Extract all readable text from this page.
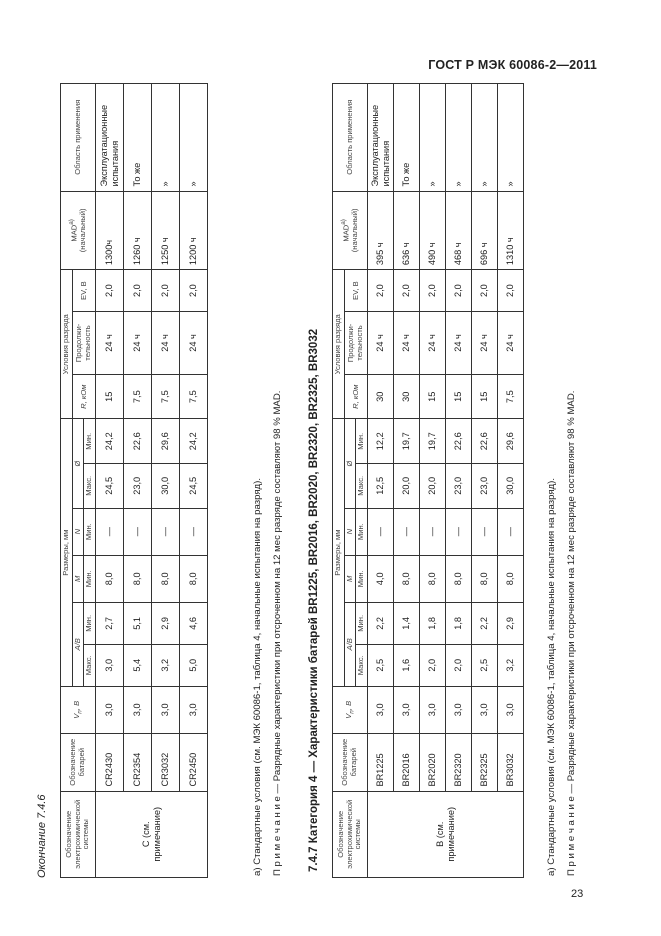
ГОСТ Р МЭК 60086-2—2011
Окончание 7.4.6 Обозначение электрохимической системы	Обозначение батарей	$V_n$, В	Размеры, мм						Условия разряда			MAD$^{a)}$ (начальный)	Область применения
			A/B		M	N	Ø		R, кОм	Продолжительность	EV, В		
			Макс.	Мин.	Мин.	Мин.	Макс.	Мин.					
C (см. примечание)	CR2430	3,0	3,0	2,7	8,0	—	24,5	24,2	15	24 ч	2,0	1300ч	Эксплуатационные испытания
	CR2354	3,0	5,4	5,1	8,0	—	23,0	22,6	7,5	24 ч	2,0	1260 ч	То же
	CR3032	3,0	3,2	2,9	8,0	—	30,0	29,6	7,5	24 ч	2,0	1250 ч	»
	CR2450	3,0	5,0	4,6	8,0	—	24,5	24,2	7,5	24 ч	2,0	1200 ч	»
a) Стандартные условия (см. МЭК 60086-1, таблица 4, начальные испытания на разряд). П р и м е ч а н и е — Разрядные характеристики при отсроченном на 12 мес разряде составляют 98 % MAD. 7.4.7 Категория 4 — Характеристики батарей BR1225, BR2016, BR2020, BR2320, BR2325, BR3032 Обозначение электрохимической системы	Обозначение батарей	$V_n$, В	Размеры, мм						Условия разряда			MAD$^{a)}$ (начальный)	Область применения
			A/B		M	N	Ø		R, кОм	Продолжительность	EV, В		
			Макс.	Мин.	Мин.	Мин.	Макс.	Мин.					
B (см. примечание)	BR1225	3,0	2,5	2,2	4,0	—	12,5	12,2	30	24 ч	2,0	395 ч	Эксплуатационные испытания
	BR2016	3,0	1,6	1,4	8,0	—	20,0	19,7	30	24 ч	2,0	636 ч	То же
	BR2020	3,0	2,0	1,8	8,0	—	20,0	19,7	15	24 ч	2,0	490 ч	»
	BR2320	3,0	2,0	1,8	8,0	—	23,0	22,6	15	24 ч	2,0	468 ч	»
	BR2325	3,0	2,5	2,2	8,0	—	23,0	22,6	15	24 ч	2,0	696 ч	»
	BR3032	3,0	3,2	2,9	8,0	—	30,0	29,6	7,5	24 ч	2,0	1310 ч	»
a) Стандартные условия (см. МЭК 60086-1, таблица 4, начальные испытания на разряд). П р и м е ч а н и е — Разрядные характеристики при отсроченном на 12 мес разряде составляют 98 % MAD.
23
